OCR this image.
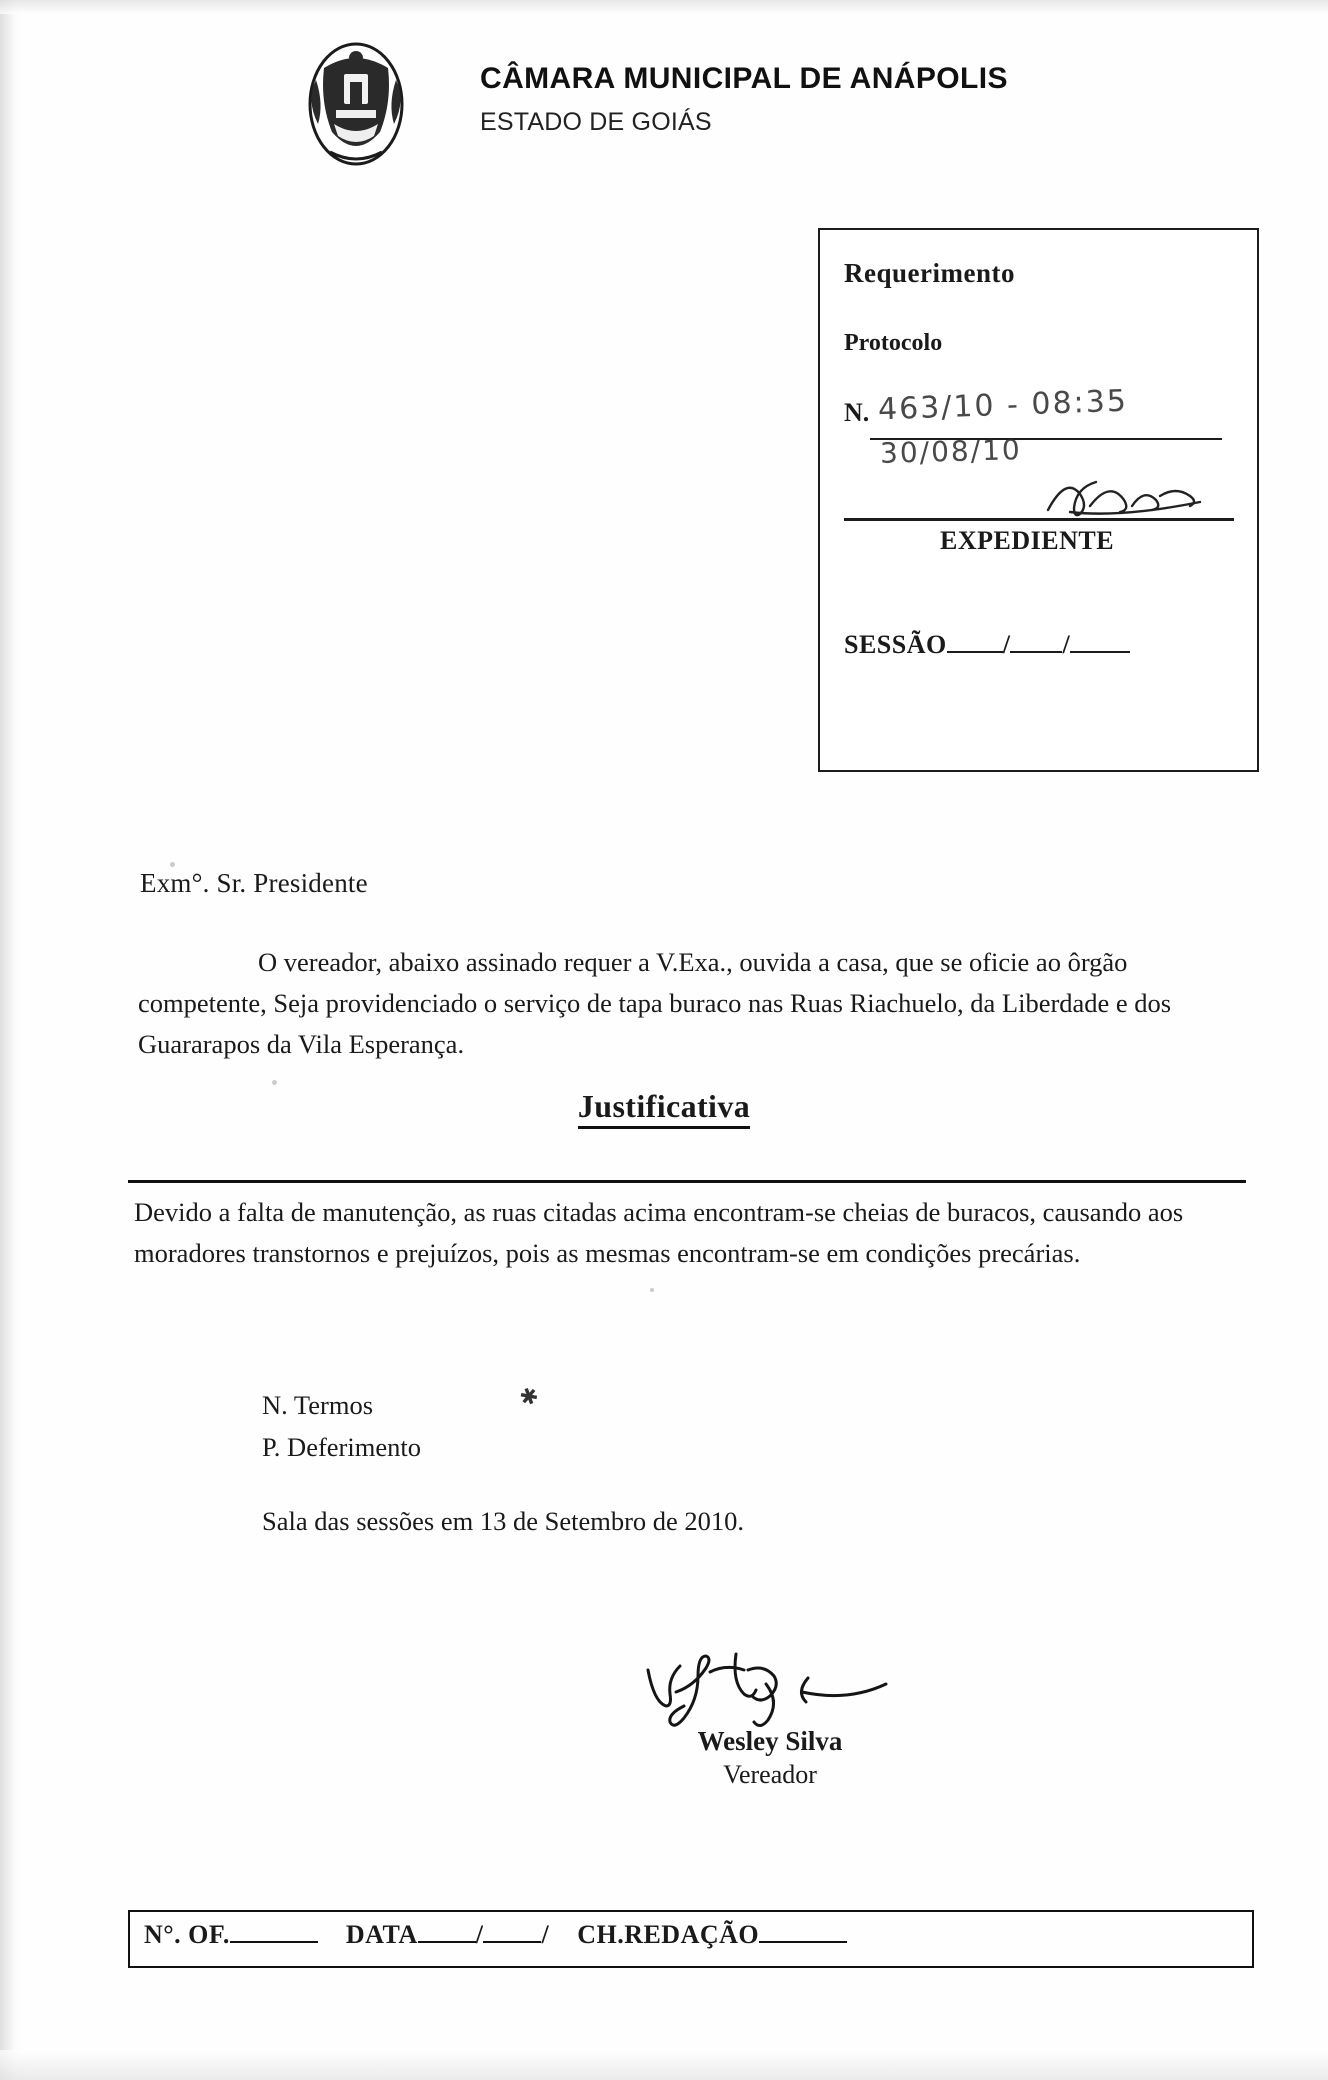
CÂMARA MUNICIPAL DE ANÁPOLIS
ESTADO DE GOIÁS
Requerimento
Protocolo
N. 463/10 - 08:35
30/08/10
EXPEDIENTE
SESSÃO / /
Exm°. Sr. Presidente
O vereador, abaixo assinado requer a V.Exa., ouvida a casa, que se oficie ao ôrgão competente, Seja providenciado o serviço de tapa buraco nas Ruas Riachuelo, da Liberdade e dos Guararapos da Vila Esperança.
Justificativa
Devido a falta de manutenção, as ruas citadas acima encontram-se cheias de buracos, causando aos moradores transtornos e prejuízos, pois as mesmas encontram-se em condições precárias.
N. Termos
P. Deferimento
✱
Sala das sessões em 13 de Setembro de 2010.
Wesley Silva
Vereador
N°. OF.	DATA / / CH.REDAÇÃO
